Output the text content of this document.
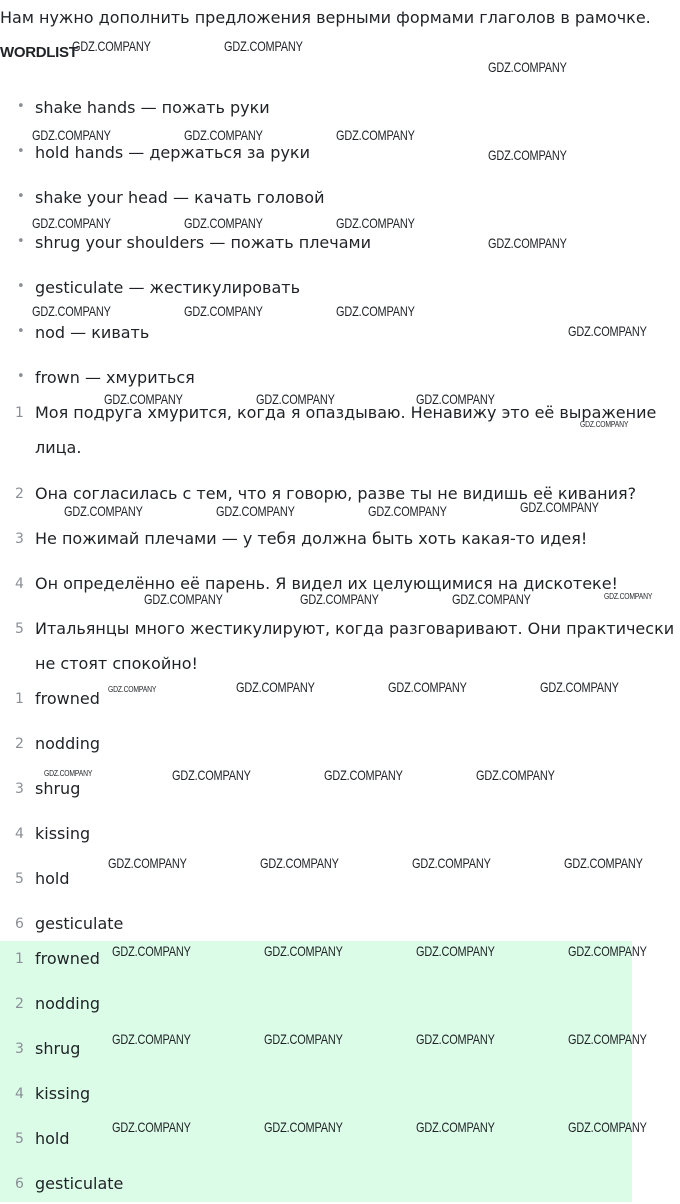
Нам нужно дополнить предложения верными формами глаголов в рамочке.
WORDLIST
• shake hands — пожать руки
• hold hands — держаться за руки
• shake your head — качать головой
• shrug your shoulders — пожать плечами
• gesticulate — жестикулировать
• nod — кивать
• frown — хмуриться
1 Моя подруга хмурится, когда я опаздываю. Ненавижу это её выражение
лица.
2 Она согласилась с тем, что я говорю, разве ты не видишь её кивания?
3 Не пожимай плечами — у тебя должна быть хоть какая-то идея!
4 Он определённо её парень. Я видел их целующимися на дискотеке!
5 Итальянцы много жестикулируют, когда разговаривают. Они практически
не стоят спокойно!
1 frowned
2 nodding
3 shrug
4 kissing
5 hold
6 gesticulate
1 frowned
2 nodding
3 shrug
4 kissing
5 hold
6 gesticulate
GDZ.COMPANY	GDZ.COMPANY
GDZ.COMPANY
GDZ.COMPANY	GDZ.COMPANY	GDZ.COMPANY
GDZ.COMPANY
GDZ.COMPANY	GDZ.COMPANY	GDZ.COMPANY
GDZ.COMPANY
GDZ.COMPANY	GDZ.COMPANY	GDZ.COMPANY
GDZ.COMPANY
GDZ.COMPANY	GDZ.COMPANY	GDZ.COMPANY
GDZ.COMPANY
GDZ.COMPANY	GDZ.COMPANY	GDZ.COMPANY	GDZ.COMPANY
GDZ.COMPANY	GDZ.COMPANY	GDZ.COMPANY	GDZ.COMPANY
GDZ.COMPANY	GDZ.COMPANY	GDZ.COMPANY	GDZ.COMPANY
GDZ.COMPANY	GDZ.COMPANY	GDZ.COMPANY	GDZ.COMPANY
GDZ.COMPANY	GDZ.COMPANY	GDZ.COMPANY	GDZ.COMPANY
GDZ.COMPANY	GDZ.COMPANY	GDZ.COMPANY	GDZ.COMPANY
GDZ.COMPANY	GDZ.COMPANY	GDZ.COMPANY	GDZ.COMPANY
GDZ.COMPANY	GDZ.COMPANY	GDZ.COMPANY	GDZ.COMPANY
